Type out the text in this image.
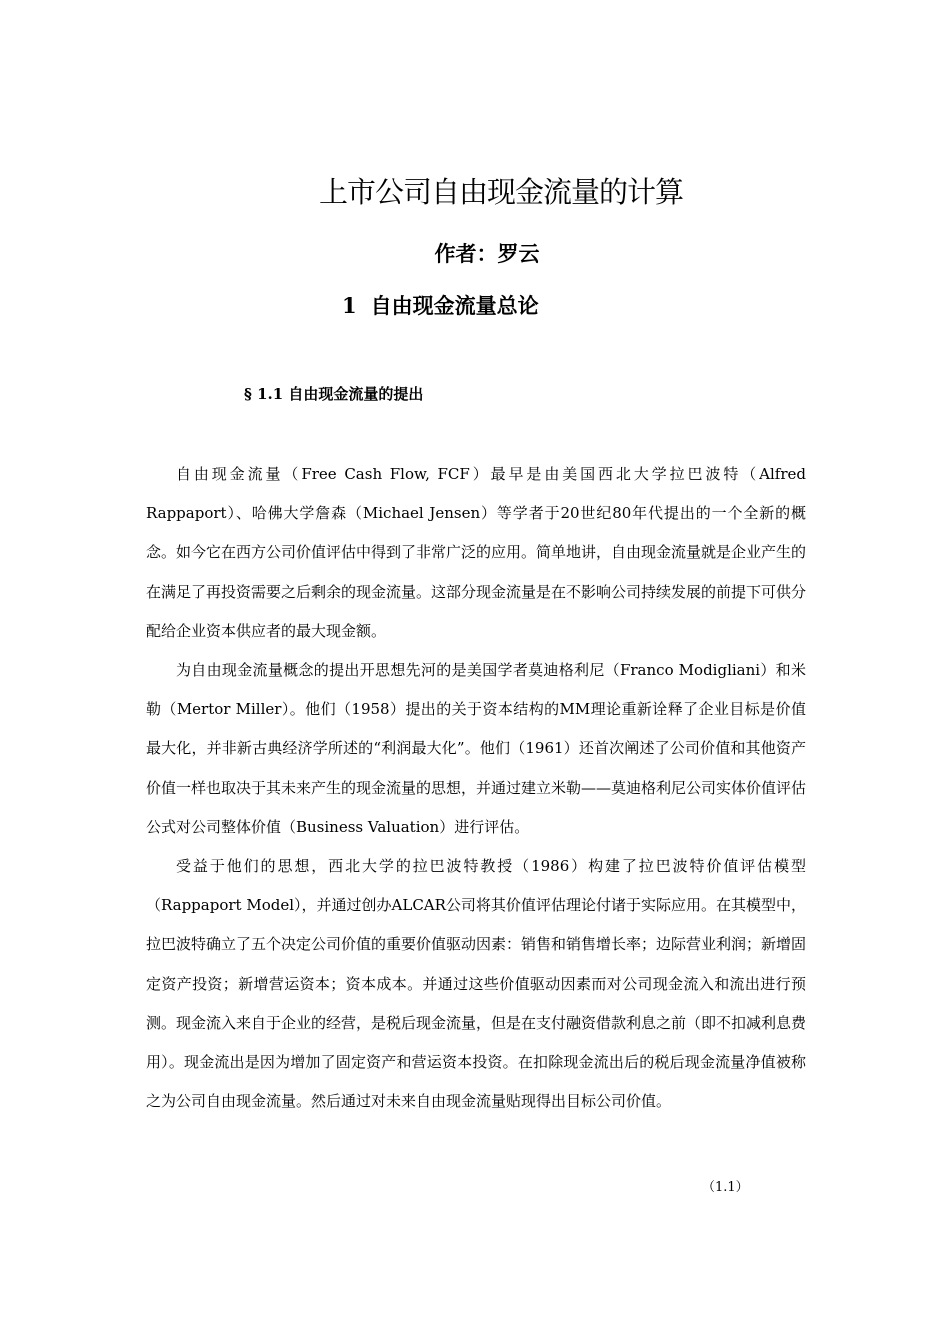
上市公司自由现金流量的计算
作者：罗云
1 自由现金流量总论
§ 1.1 自由现金流量的提出

自由现金流量（Free Cash Flow, FCF）最早是由美国西北大学拉巴波特（Alfred Rappaport）、哈佛大学詹森（Michael Jensen）等学者于20世纪80年代提出的一个全新的概念。如今它在西方公司价值评估中得到了非常广泛的应用。简单地讲，自由现金流量就是企业产生的在满足了再投资需要之后剩余的现金流量。这部分现金流量是在不影响公司持续发展的前提下可供分配给企业资本供应者的最大现金额。

为自由现金流量概念的提出开思想先河的是美国学者莫迪格利尼（Franco Modigliani）和米勒（Mertor Miller）。他们（1958）提出的关于资本结构的MM理论重新诠释了企业目标是价值最大化，并非新古典经济学所述的“利润最大化”。他们（1961）还首次阐述了公司价值和其他资产价值一样也取决于其未来产生的现金流量的思想，并通过建立米勒——莫迪格利尼公司实体价值评估公式对公司整体价值（Business Valuation）进行评估。

受益于他们的思想，西北大学的拉巴波特教授（1986）构建了拉巴波特价值评估模型（Rappaport Model），并通过创办ALCAR公司将其价值评估理论付诸于实际应用。在其模型中，拉巴波特确立了五个决定公司价值的重要价值驱动因素：销售和销售增长率；边际营业利润；新增固定资产投资；新增营运资本；资本成本。并通过这些价值驱动因素而对公司现金流入和流出进行预测。现金流入来自于企业的经营，是税后现金流量，但是在支付融资借款利息之前（即不扣减利息费用）。现金流出是因为增加了固定资产和营运资本投资。在扣除现金流出后的税后现金流量净值被称之为公司自由现金流量。然后通过对未来自由现金流量贴现得出目标公司价值。

（1.1）
